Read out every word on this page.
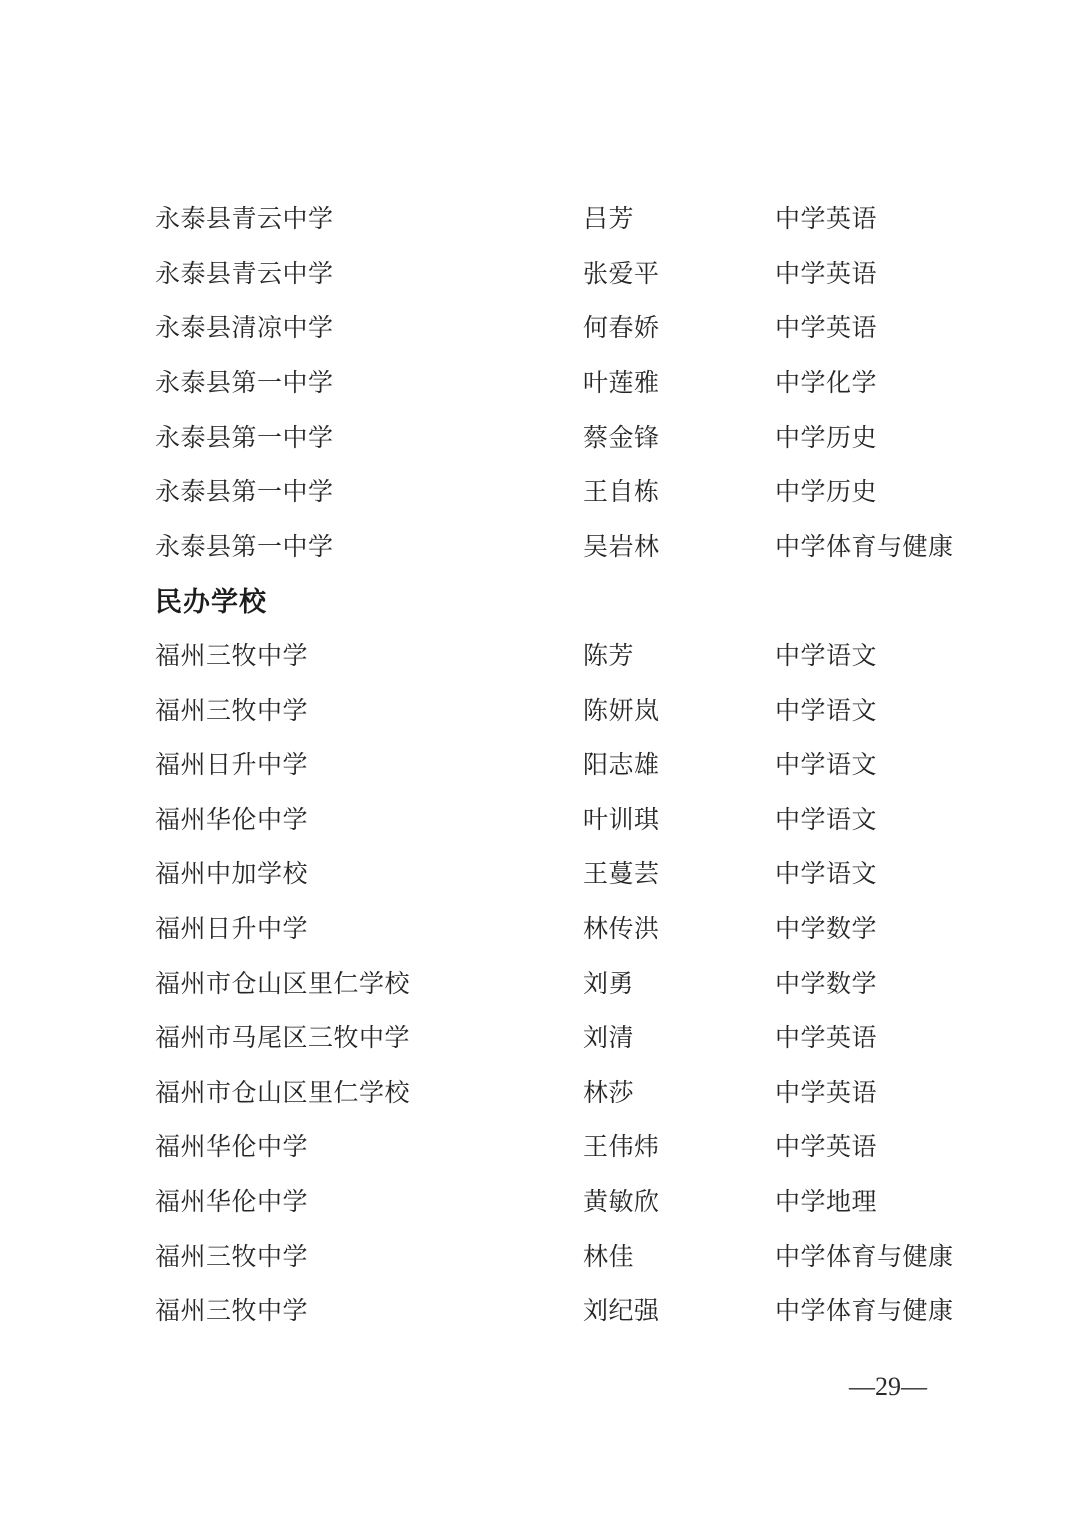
永泰县青云中学	吕芳	中学英语
永泰县青云中学	张爱平	中学英语
永泰县清凉中学	何春娇	中学英语
永泰县第一中学	叶莲雅	中学化学
永泰县第一中学	蔡金锋	中学历史
永泰县第一中学	王自栋	中学历史
永泰县第一中学	吴岩林	中学体育与健康
民办学校
福州三牧中学	陈芳	中学语文
福州三牧中学	陈妍岚	中学语文
福州日升中学	阳志雄	中学语文
福州华伦中学	叶训琪	中学语文
福州中加学校	王蔓芸	中学语文
福州日升中学	林传洪	中学数学
福州市仓山区里仁学校	刘勇	中学数学
福州市马尾区三牧中学	刘清	中学英语
福州市仓山区里仁学校	林莎	中学英语
福州华伦中学	王伟炜	中学英语
福州华伦中学	黄敏欣	中学地理
福州三牧中学	林佳	中学体育与健康
福州三牧中学	刘纪强	中学体育与健康
—29—
